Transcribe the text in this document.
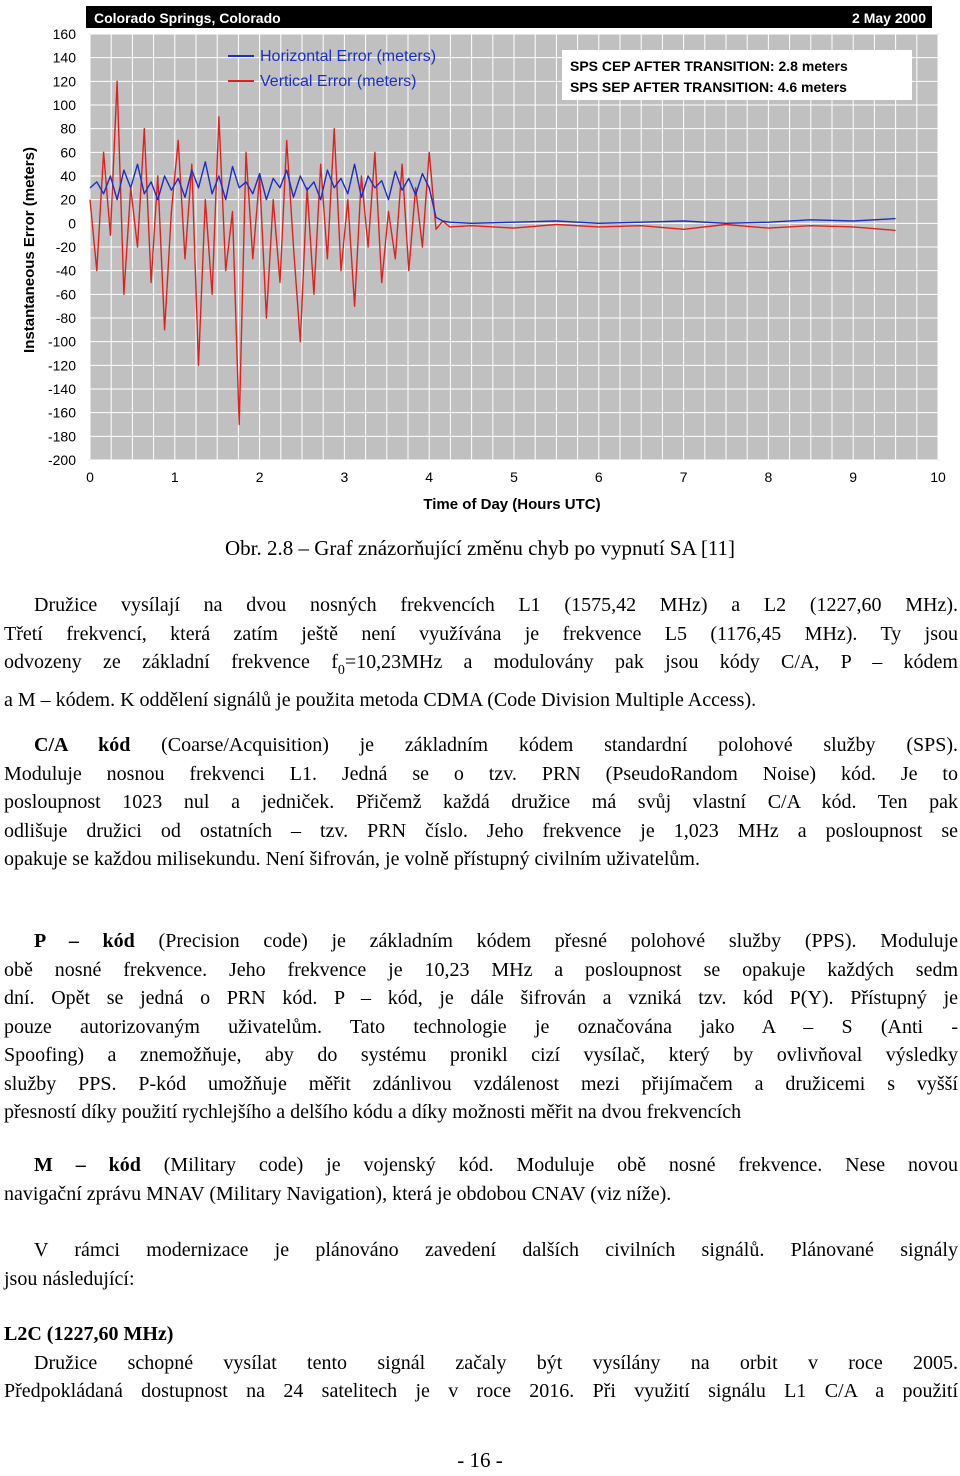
Colorado Springs, Colorado	2 May 2000
160
140
120
100
80
60
40
20
0
-20
-40
-60
-80
-100
-120
-140
-160
-180
-200
0	1	2	3	4	5	6	7	8	9	10
Instantaneous Error (meters)
Time of Day (Hours UTC)
Horizontal Error (meters)
Vertical Error (meters)
SPS CEP AFTER TRANSITION: 2.8 meters
SPS SEP AFTER TRANSITION: 4.6 meters
Obr. 2.8 – Graf znázorňující změnu chyb po vypnutí SA [11]
Družice vysílají na dvou nosných frekvencích L1 (1575,42 MHz) a L2 (1227,60 MHz).
Třetí frekvencí, která zatím ještě není využívána je frekvence L5 (1176,45 MHz). Ty jsou
odvozeny ze základní frekvence $f_0=10,23MHz$ a modulovány pak jsou kódy C/A, P – kódem
a M – kódem. K oddělení signálů je použita metoda CDMA (Code Division Multiple Access).
C/A kód (Coarse/Acquisition) je základním kódem standardní polohové služby (SPS).
Moduluje nosnou frekvenci L1. Jedná se o tzv. PRN (PseudoRandom Noise) kód. Je to
posloupnost 1023 nul a jedniček. Přičemž každá družice má svůj vlastní C/A kód. Ten pak
odlišuje družici od ostatních – tzv. PRN číslo. Jeho frekvence je 1,023 MHz a posloupnost se
opakuje se každou milisekundu. Není šifrován, je volně přístupný civilním uživatelům.
P – kód (Precision code) je základním kódem přesné polohové služby (PPS). Moduluje
obě nosné frekvence. Jeho frekvence je 10,23 MHz a posloupnost se opakuje každých sedm
dní. Opět se jedná o PRN kód. P – kód, je dále šifrován a vzniká tzv. kód P(Y). Přístupný je
pouze autorizovaným uživatelům. Tato technologie je označována jako A – S (Anti -
Spoofing) a znemožňuje, aby do systému pronikl cizí vysílač, který by ovlivňoval výsledky
služby PPS. P-kód umožňuje měřit zdánlivou vzdálenost mezi přijímačem a družicemi s vyšší
přesností díky použití rychlejšího a delšího kódu a díky možnosti měřit na dvou frekvencích
M – kód (Military code) je vojenský kód. Moduluje obě nosné frekvence. Nese novou
navigační zprávu MNAV (Military Navigation), která je obdobou CNAV (viz níže).
V rámci modernizace je plánováno zavedení dalších civilních signálů. Plánované signály
jsou následující:
L2C (1227,60 MHz)
Družice schopné vysílat tento signál začaly být vysílány na orbit v roce 2005.
Předpokládaná dostupnost na 24 satelitech je v roce 2016. Při využití signálu L1 C/A a použití
- 16 -
